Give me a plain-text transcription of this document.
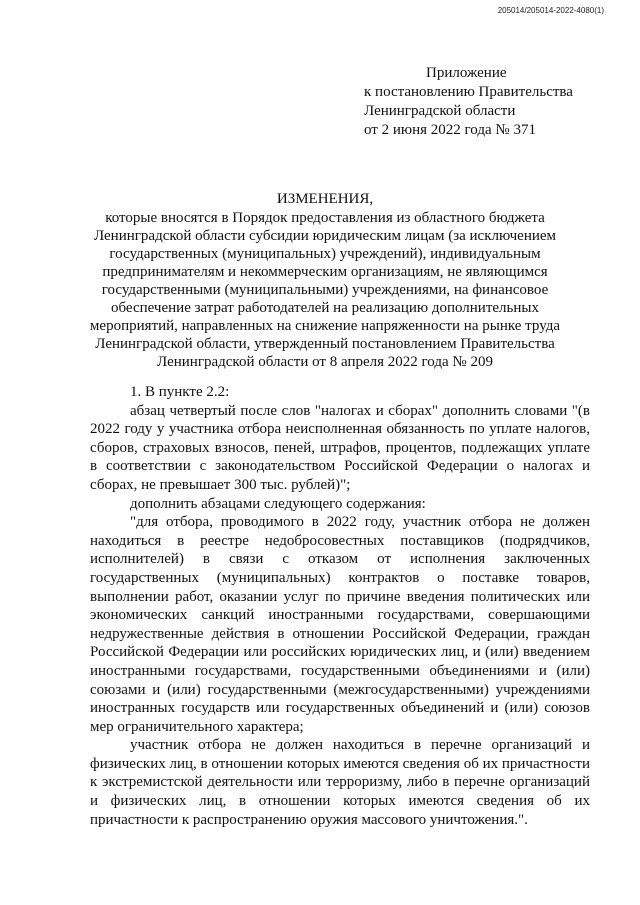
205014/205014-2022-4080(1)
Приложение
к постановлению Правительства
Ленинградской области
от 2 июня 2022 года № 371
ИЗМЕНЕНИЯ,
которые вносятся в Порядок предоставления из областного бюджета
Ленинградской области субсидии юридическим лицам (за исключением
государственных (муниципальных) учреждений), индивидуальным
предпринимателям и некоммерческим организациям, не являющимся
государственными (муниципальными) учреждениями, на финансовое
обеспечение затрат работодателей на реализацию дополнительных
мероприятий, направленных на снижение напряженности на рынке труда
Ленинградской области, утвержденный постановлением Правительства
Ленинградской области от 8 апреля 2022 года № 209

1. В пункте 2.2:

абзац четвертый после слов "налогах и сборах" дополнить словами "(в 2022 году у участника отбора неисполненная обязанность по уплате налогов, сборов, страховых взносов, пеней, штрафов, процентов, подлежащих уплате в соответствии с законодательством Российской Федерации о налогах и сборах, не превышает 300 тыс. рублей)";

дополнить абзацами следующего содержания:

"для отбора, проводимого в 2022 году, участник отбора не должен находиться в реестре недобросовестных поставщиков (подрядчиков, исполнителей) в связи с отказом от исполнения заключенных государственных (муниципальных) контрактов о поставке товаров, выполнении работ, оказании услуг по причине введения политических или экономических санкций иностранными государствами, совершающими недружественные действия в отношении Российской Федерации, граждан Российской Федерации или российских юридических лиц, и (или) введением иностранными государствами, государственными объединениями и (или) союзами и (или) государственными (межгосударственными) учреждениями иностранных государств или государственных объединений и (или) союзов мер ограничительного характера;

участник отбора не должен находиться в перечне организаций и физических лиц, в отношении которых имеются сведения об их причастности к экстремистской деятельности или терроризму, либо в перечне организаций и физических лиц, в отношении которых имеются сведения об их причастности к распространению оружия массового уничтожения.".
